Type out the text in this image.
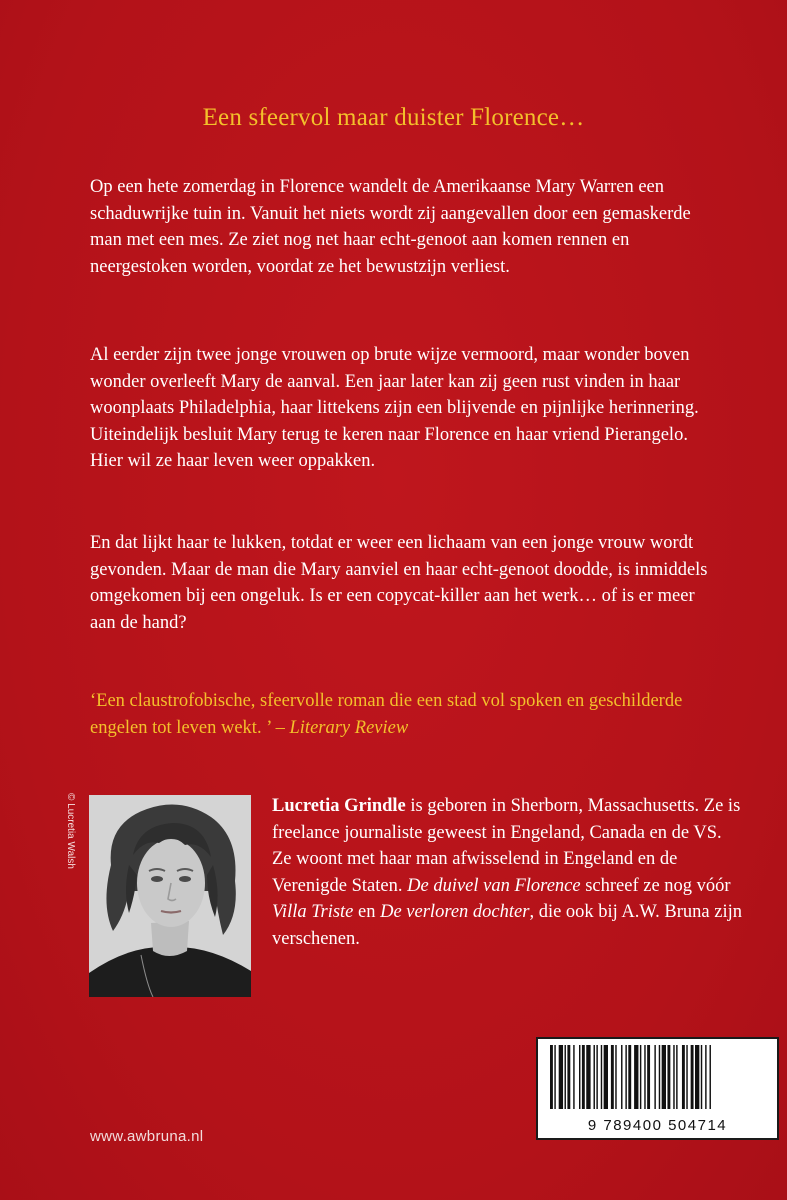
Een sfeervol maar duister Florence…

Op een hete zomerdag in Florence wandelt de Amerikaanse Mary Warren een schaduwrijke tuin in. Vanuit het niets wordt zij aangevallen door een gemaskerde man met een mes. Ze ziet nog net haar echt-genoot aan komen rennen en neergestoken worden, voordat ze het bewustzijn verliest.

Al eerder zijn twee jonge vrouwen op brute wijze vermoord, maar wonder boven wonder overleeft Mary de aanval. Een jaar later kan zij geen rust vinden in haar woonplaats Philadelphia, haar littekens zijn een blijvende en pijnlijke herinnering. Uiteindelijk besluit Mary terug te keren naar Florence en haar vriend Pierangelo. Hier wil ze haar leven weer oppakken.

En dat lijkt haar te lukken, totdat er weer een lichaam van een jonge vrouw wordt gevonden. Maar de man die Mary aanviel en haar echt-genoot doodde, is inmiddels omgekomen bij een ongeluk. Is er een copycat-killer aan het werk… of is er meer aan de hand?

‘Een claustrofobische, sfeervolle roman die een stad vol spoken en geschilderde engelen tot leven wekt. ’ – Literary Review
© Lucretia Walsh	Lucretia Grindle is geboren in Sherborn, Massachusetts. Ze is freelance journaliste geweest in Engeland, Canada en de VS. Ze woont met haar man afwisselend in Engeland en de Verenigde Staten. De duivel van Florence schreef ze nog vóór Villa Triste en De verloren dochter, die ook bij A.W. Bruna zijn verschenen.
9 789400 504714
www.awbruna.nl
